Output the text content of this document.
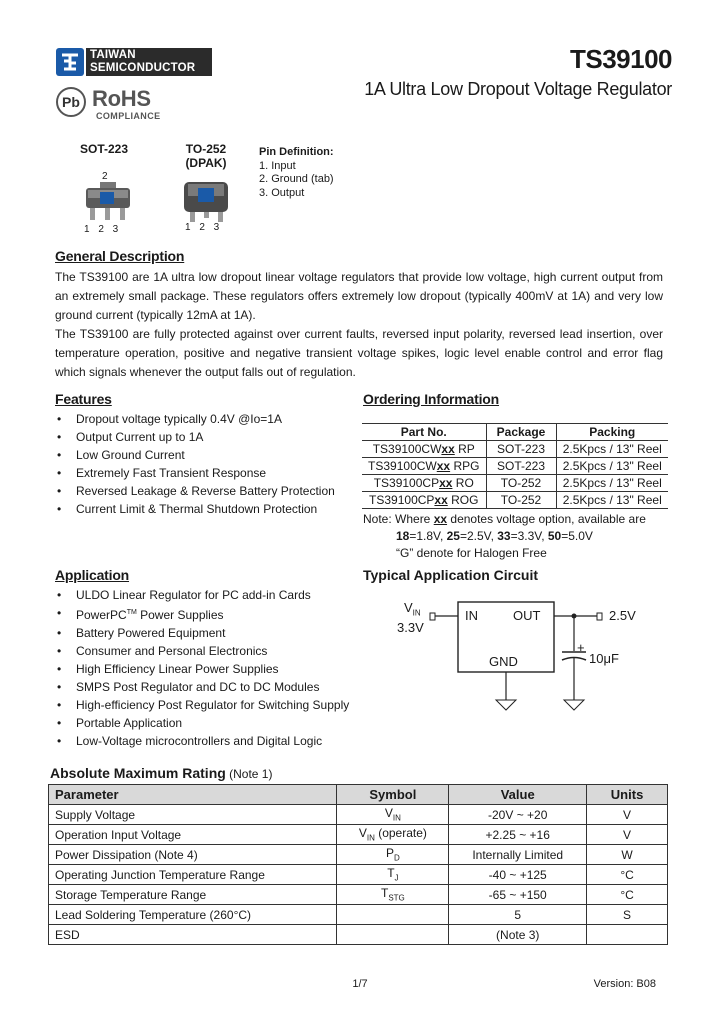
TAIWAN
SEMICONDUCTOR	TS39100
1A Ultra Low Dropout Voltage Regulator
Pb RoHS
COMPLIANCE
SOT-223
2
1 2 3
TO-252
(DPAK)
1 2 3
Pin Definition:
1. Input
2. Ground (tab)
3. Output
General Description

The TS39100 are 1A ultra low dropout linear voltage regulators that provide low voltage, high current output from an extremely small package. These regulators offers extremely low dropout (typically 400mV at 1A) and very low ground current (typically 12mA at 1A).

The TS39100 are fully protected against over current faults, reversed input polarity, reversed lead insertion, over temperature operation, positive and negative transient voltage spikes, logic level enable control and error flag which signals whenever the output falls out of regulation.

Features
• Dropout voltage typically 0.4V @Io=1A
• Output Current up to 1A
• Low Ground Current
• Extremely Fast Transient Response
• Reversed Leakage & Reverse Battery Protection
• Current Limit & Thermal Shutdown Protection
Ordering Information
Part No.	Package	Packing
TS39100CWxx RP	SOT-223	2.5Kpcs / 13" Reel
TS39100CWxx RPG	SOT-223	2.5Kpcs / 13" Reel
TS39100CPxx RO	TO-252	2.5Kpcs / 13" Reel
TS39100CPxx ROG	TO-252	2.5Kpcs / 13" Reel
Note: Where xx denotes voltage option, available are
18=1.8V, 25=2.5V, 33=3.3V, 50=5.0V
“G” denote for Halogen Free
Application
• ULDO Linear Regulator for PC add-in Cards
• PowerPC™ Power Supplies
• Battery Powered Equipment
• Consumer and Personal Electronics
• High Efficiency Linear Power Supplies
• SMPS Post Regulator and DC to DC Modules
• High-efficiency Post Regulator for Switching Supply
• Portable Application
• Low-Voltage microcontrollers and Digital Logic
Typical Application Circuit
$V_{IN}$
3.3V
IN	OUT
GND
2.5V
+
10μF
Absolute Maximum Rating (Note 1)
Parameter	Symbol	Value	Units
Supply Voltage	$V_{IN}$	-20V ~ +20	V
Operation Input Voltage	$V_{IN}$ (operate)	+2.25 ~ +16	V
Power Dissipation (Note 4)	$P_D$	Internally Limited	W
Operating Junction Temperature Range	$T_J$	-40 ~ +125	°C
Storage Temperature Range	$T_{STG}$	-65 ~ +150	°C
Lead Soldering Temperature (260°C)		5	S
ESD		(Note 3)	
1/7	Version: B08
